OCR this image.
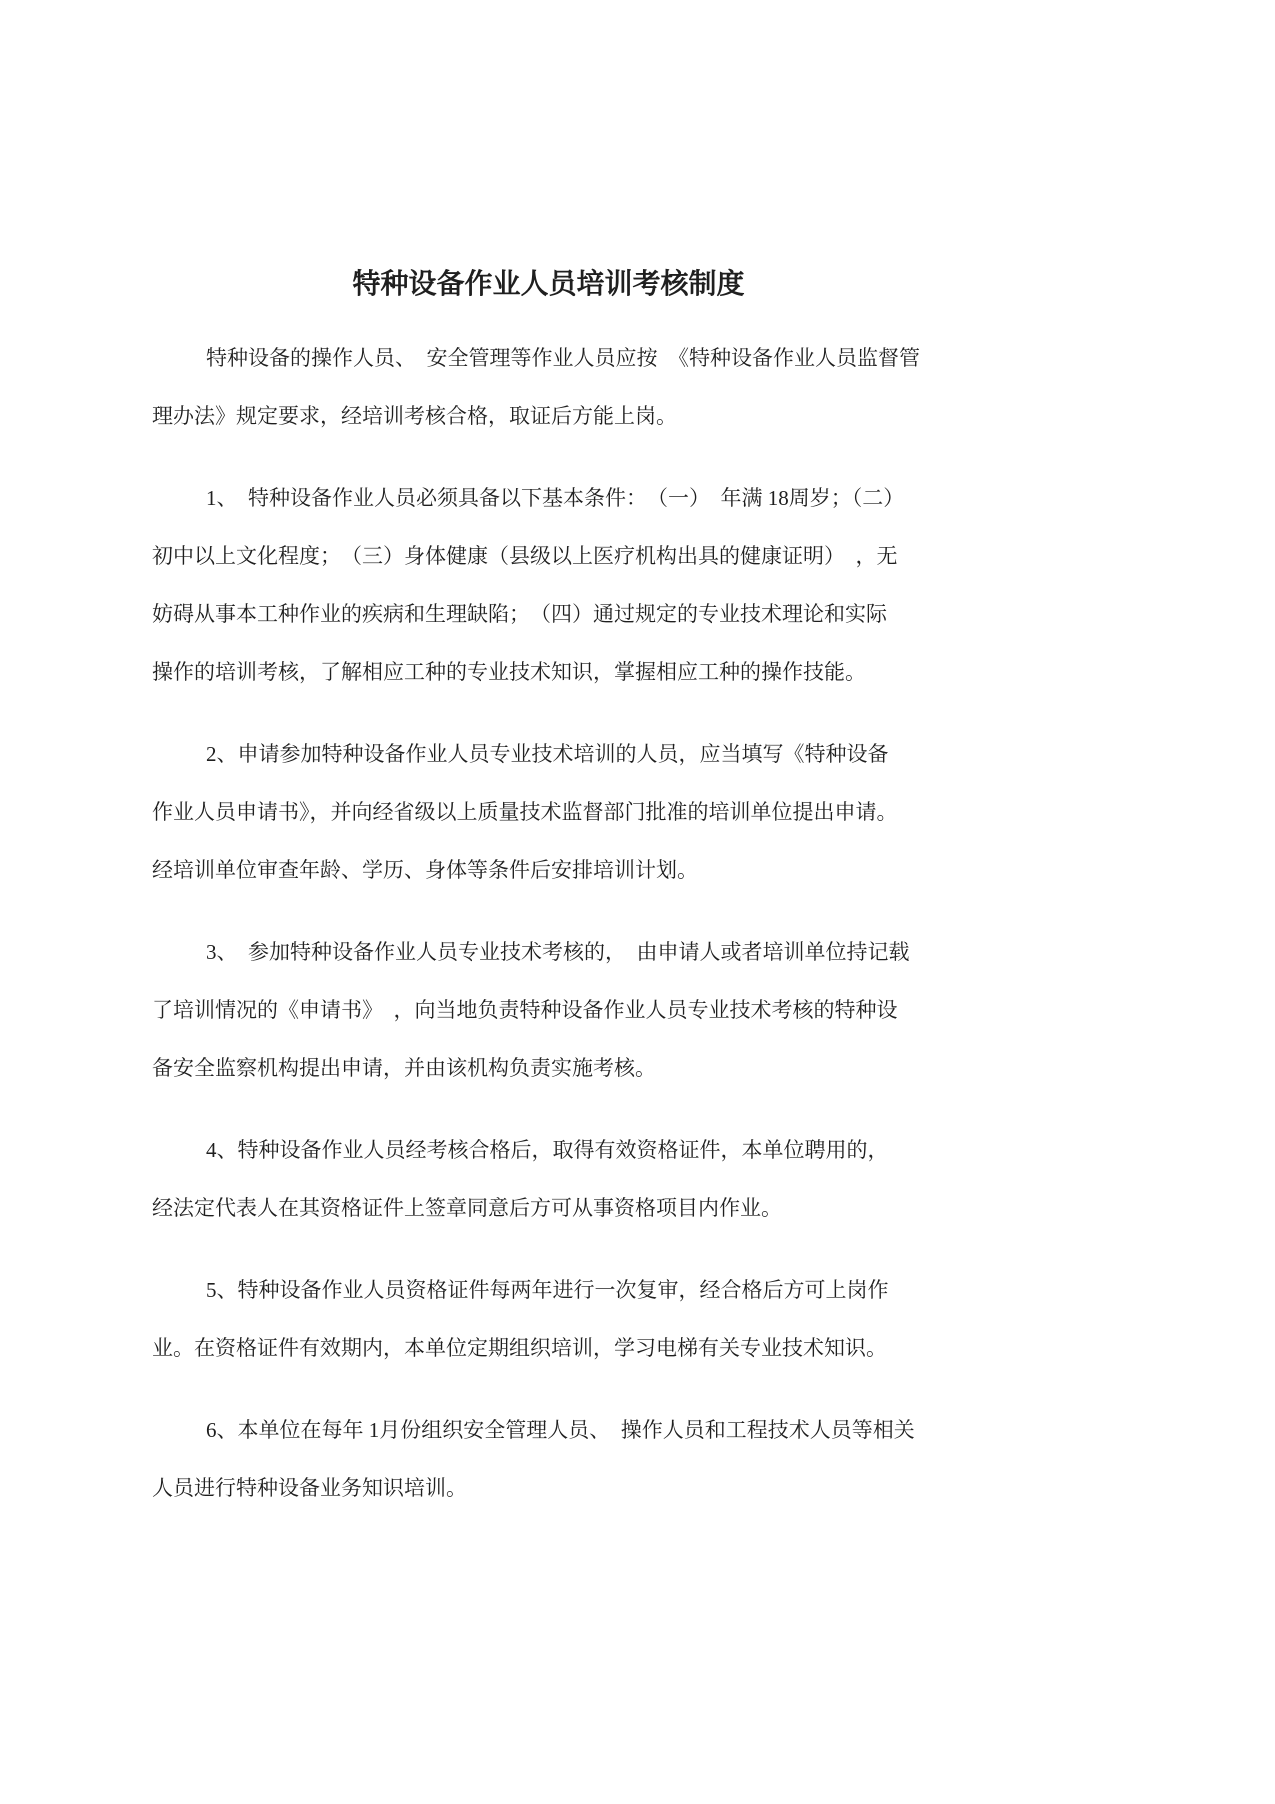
特种设备作业人员培训考核制度
特种设备的操作人员、　安全管理等作业人员应按　《特种设备作业人员监督管
理办法》规定要求，经培训考核合格，取证后方能上岗。
1、　特种设备作业人员必须具备以下基本条件：　（一）　年满 18周岁；（二）
初中以上文化程度；　（三）身体健康（县级以上医疗机构出具的健康证明）　，无
妨碍从事本工种作业的疾病和生理缺陷；　（四）通过规定的专业技术理论和实际
操作的培训考核，了解相应工种的专业技术知识，掌握相应工种的操作技能。
2、申请参加特种设备作业人员专业技术培训的人员，应当填写《特种设备
作业人员申请书》，并向经省级以上质量技术监督部门批准的培训单位提出申请。
经培训单位审查年龄、学历、身体等条件后安排培训计划。
3、　参加特种设备作业人员专业技术考核的，　由申请人或者培训单位持记载
了培训情况的《申请书》　，向当地负责特种设备作业人员专业技术考核的特种设
备安全监察机构提出申请，并由该机构负责实施考核。
4、特种设备作业人员经考核合格后，取得有效资格证件，本单位聘用的，
经法定代表人在其资格证件上签章同意后方可从事资格项目内作业。
5、特种设备作业人员资格证件每两年进行一次复审，经合格后方可上岗作
业。在资格证件有效期内，本单位定期组织培训，学习电梯有关专业技术知识。
6、本单位在每年 1月份组织安全管理人员、　操作人员和工程技术人员等相关
人员进行特种设备业务知识培训。
